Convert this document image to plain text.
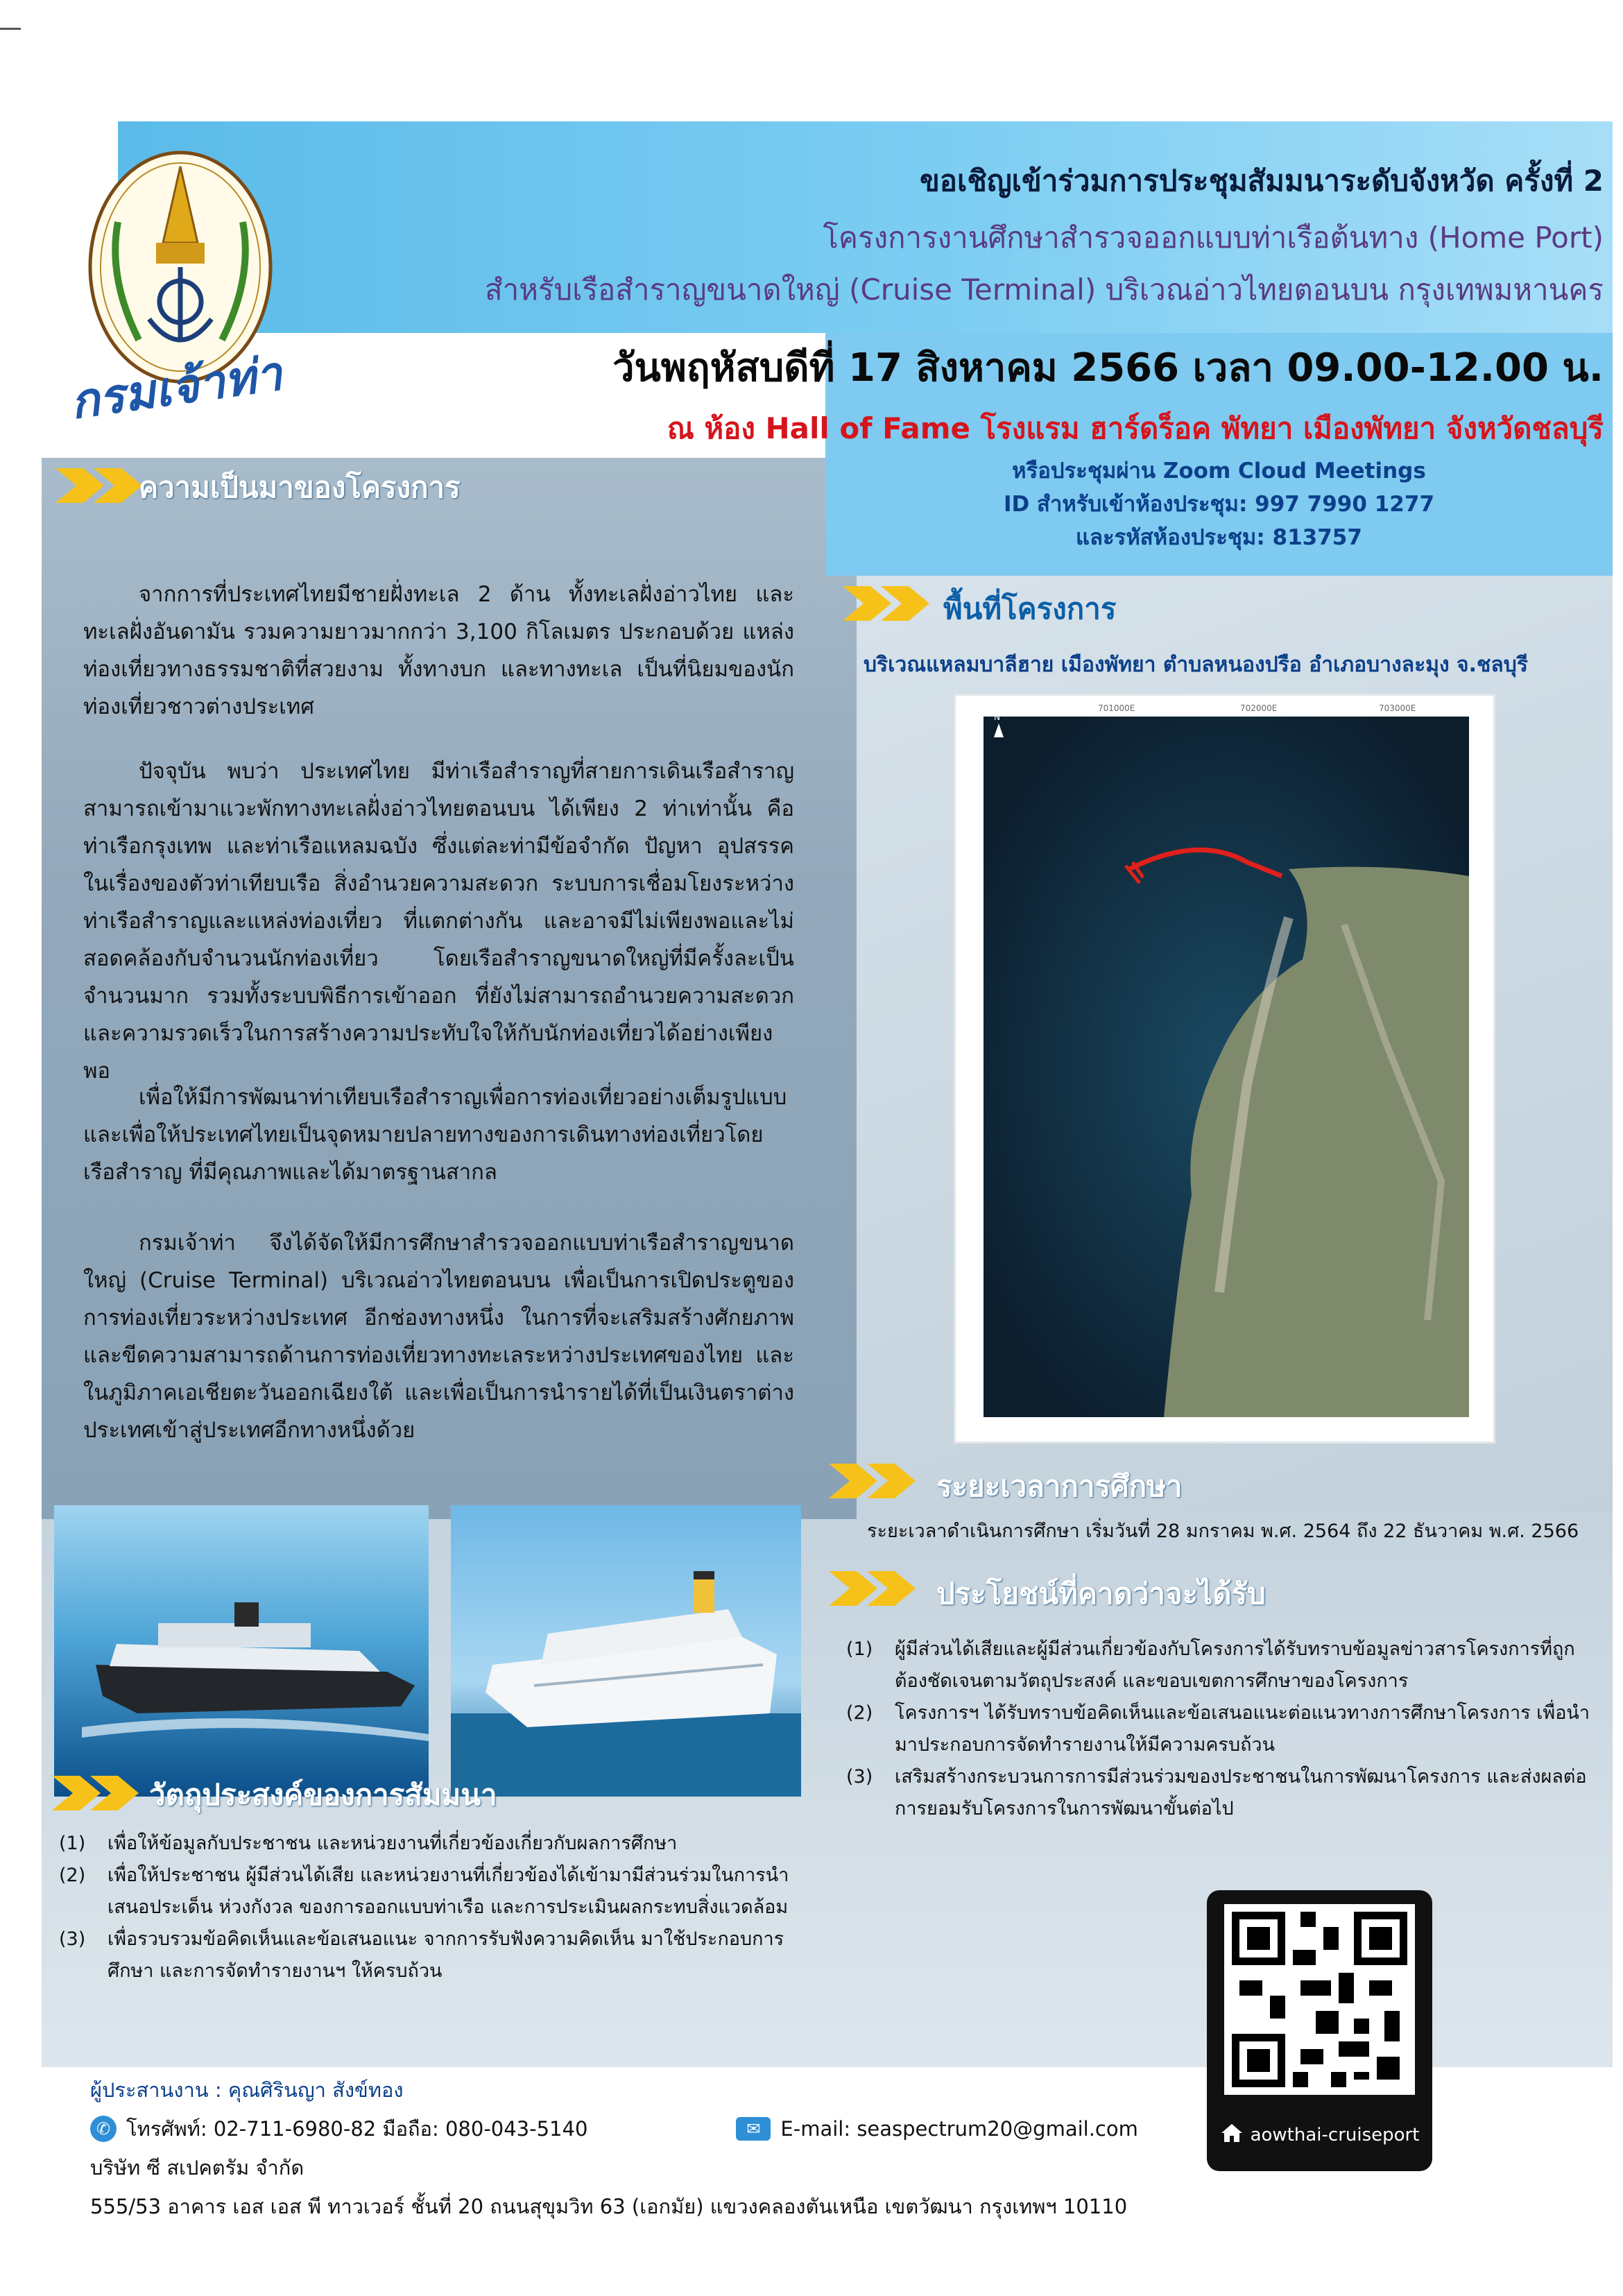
กรมเจ้าท่า
ขอเชิญเข้าร่วมการประชุมสัมมนาระดับจังหวัด ครั้งที่ 2
โครงการงานศึกษาสำรวจออกแบบท่าเรือต้นทาง (Home Port)
สำหรับเรือสำราญขนาดใหญ่ (Cruise Terminal) บริเวณอ่าวไทยตอนบน กรุงเทพมหานคร
วันพฤหัสบดีที่ 17 สิงหาคม 2566 เวลา 09.00-12.00 น.
ณ ห้อง Hall of Fame โรงแรม ฮาร์ดร็อค พัทยา เมืองพัทยา จังหวัดชลบุรี
หรือประชุมผ่าน Zoom Cloud Meetings
ID สำหรับเข้าห้องประชุม: 997 7990 1277
และรหัสห้องประชุม: 813757
ความเป็นมาของโครงการ
จากการที่ประเทศไทยมีชายฝั่งทะเล 2 ด้าน ทั้งทะเลฝั่งอ่าวไทย และทะเลฝั่งอันดามัน รวมความยาวมากกว่า 3,100 กิโลเมตร ประกอบด้วย แหล่งท่องเที่ยวทางธรรมชาติที่สวยงาม ทั้งทางบก และทางทะเล เป็นที่นิยมของนักท่องเที่ยวชาวต่างประเทศ
ปัจจุบัน พบว่า ประเทศไทย มีท่าเรือสำราญที่สายการเดินเรือสำราญสามารถเข้ามาแวะพักทางทะเลฝั่งอ่าวไทยตอนบน ได้เพียง 2 ท่าเท่านั้น คือ ท่าเรือกรุงเทพ และท่าเรือแหลมฉบัง ซึ่งแต่ละท่ามีข้อจำกัด ปัญหา อุปสรรค ในเรื่องของตัวท่าเทียบเรือ สิ่งอำนวยความสะดวก ระบบการเชื่อมโยงระหว่างท่าเรือสำราญและแหล่งท่องเที่ยว ที่แตกต่างกัน และอาจมีไม่เพียงพอและไม่สอดคล้องกับจำนวนนักท่องเที่ยว โดยเรือสำราญขนาดใหญ่ที่มีครั้งละเป็นจำนวนมาก รวมทั้งระบบพิธีการเข้าออก ที่ยังไม่สามารถอำนวยความสะดวกและความรวดเร็วในการสร้างความประทับใจให้กับนักท่องเที่ยวได้อย่างเพียงพอ
เพื่อให้มีการพัฒนาท่าเทียบเรือสำราญเพื่อการท่องเที่ยวอย่างเต็มรูปแบบ และเพื่อให้ประเทศไทยเป็นจุดหมายปลายทางของการเดินทางท่องเที่ยวโดยเรือสำราญ ที่มีคุณภาพและได้มาตรฐานสากล
กรมเจ้าท่า จึงได้จัดให้มีการศึกษาสำรวจออกแบบท่าเรือสำราญขนาดใหญ่ (Cruise Terminal) บริเวณอ่าวไทยตอนบน เพื่อเป็นการเปิดประตูของการท่องเที่ยวระหว่างประเทศ อีกช่องทางหนึ่ง ในการที่จะเสริมสร้างศักยภาพและขีดความสามารถด้านการท่องเที่ยวทางทะเลระหว่างประเทศของไทย และในภูมิภาคเอเชียตะวันออกเฉียงใต้ และเพื่อเป็นการนำรายได้ที่เป็นเงินตราต่างประเทศเข้าสู่ประเทศอีกทางหนึ่งด้วย
วัตถุประสงค์ของการสัมมนา
(1)	เพื่อให้ข้อมูลกับประชาชน และหน่วยงานที่เกี่ยวข้องเกี่ยวกับผลการศึกษา
(2)	เพื่อให้ประชาชน ผู้มีส่วนได้เสีย และหน่วยงานที่เกี่ยวข้องได้เข้ามามีส่วนร่วมในการนำเสนอประเด็น ห่วงกังวล ของการออกแบบท่าเรือ และการประเมินผลกระทบสิ่งแวดล้อม
(3)	เพื่อรวบรวมข้อคิดเห็นและข้อเสนอแนะ จากการรับฟังความคิดเห็น มาใช้ประกอบการศึกษา และการจัดทำรายงานฯ ให้ครบถ้วน
พื้นที่โครงการ
บริเวณแหลมบาลีฮาย เมืองพัทยา ตำบลหนองปรือ อำเภอบางละมุง จ.ชลบุรี
N
701000E	702000E	703000E
ระยะเวลาการศึกษา
ระยะเวลาดำเนินการศึกษา เริ่มวันที่ 28 มกราคม พ.ศ. 2564 ถึง 22 ธันวาคม พ.ศ. 2566
ประโยชน์ที่คาดว่าจะได้รับ
(1)	ผู้มีส่วนได้เสียและผู้มีส่วนเกี่ยวข้องกับโครงการได้รับทราบข้อมูลข่าวสารโครงการที่ถูกต้องชัดเจนตามวัตถุประสงค์ และขอบเขตการศึกษาของโครงการ
(2)	โครงการฯ ได้รับทราบข้อคิดเห็นและข้อเสนอแนะต่อแนวทางการศึกษาโครงการ เพื่อนำมาประกอบการจัดทำรายงานให้มีความครบถ้วน
(3)	เสริมสร้างกระบวนการการมีส่วนร่วมของประชาชนในการพัฒนาโครงการ และส่งผลต่อการยอมรับโครงการในการพัฒนาขั้นต่อไป
aowthai-cruiseport
ผู้ประสานงาน : คุณศิรินญา สังข์ทอง
✆ โทรศัพท์: 02-711-6980-82 มือถือ: 080-043-5140	✉ E-mail: seaspectrum20@gmail.com
บริษัท ซี สเปคตรัม จำกัด
555/53 อาคาร เอส เอส พี ทาวเวอร์ ชั้นที่ 20 ถนนสุขุมวิท 63 (เอกมัย) แขวงคลองตันเหนือ เขตวัฒนา กรุงเทพฯ 10110
